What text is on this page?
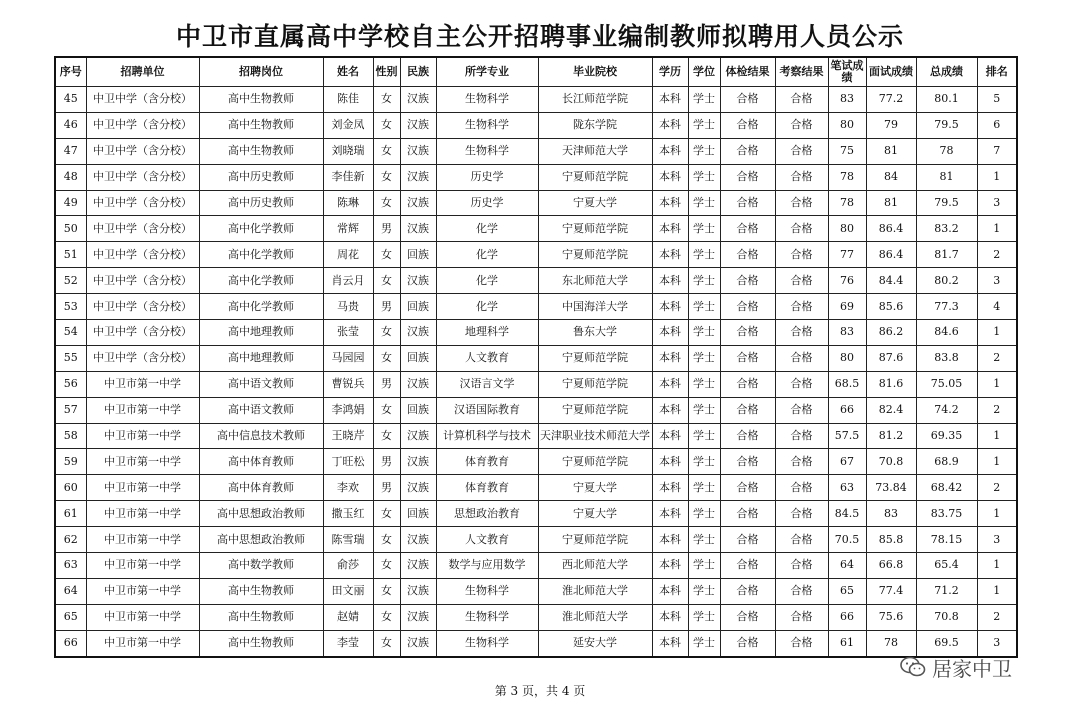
中卫市直属高中学校自主公开招聘事业编制教师拟聘用人员公示
序号	招聘单位	招聘岗位	姓名	性别	民族	所学专业	毕业院校	学历	学位	体检结果	考察结果	笔试成绩	面试成绩	总成绩	排名
45	中卫中学（含分校）	高中生物教师	陈佳	女	汉族	生物科学	长江师范学院	本科	学士	合格	合格	83	77.2	80.1	5
46	中卫中学（含分校）	高中生物教师	刘金凤	女	汉族	生物科学	陇东学院	本科	学士	合格	合格	80	79	79.5	6
47	中卫中学（含分校）	高中生物教师	刘晓瑞	女	汉族	生物科学	天津师范大学	本科	学士	合格	合格	75	81	78	7
48	中卫中学（含分校）	高中历史教师	李佳新	女	汉族	历史学	宁夏师范学院	本科	学士	合格	合格	78	84	81	1
49	中卫中学（含分校）	高中历史教师	陈琳	女	汉族	历史学	宁夏大学	本科	学士	合格	合格	78	81	79.5	3
50	中卫中学（含分校）	高中化学教师	常辉	男	汉族	化学	宁夏师范学院	本科	学士	合格	合格	80	86.4	83.2	1
51	中卫中学（含分校）	高中化学教师	周花	女	回族	化学	宁夏师范学院	本科	学士	合格	合格	77	86.4	81.7	2
52	中卫中学（含分校）	高中化学教师	肖云月	女	汉族	化学	东北师范大学	本科	学士	合格	合格	76	84.4	80.2	3
53	中卫中学（含分校）	高中化学教师	马贵	男	回族	化学	中国海洋大学	本科	学士	合格	合格	69	85.6	77.3	4
54	中卫中学（含分校）	高中地理教师	张莹	女	汉族	地理科学	鲁东大学	本科	学士	合格	合格	83	86.2	84.6	1
55	中卫中学（含分校）	高中地理教师	马园园	女	回族	人文教育	宁夏师范学院	本科	学士	合格	合格	80	87.6	83.8	2
56	中卫市第一中学	高中语文教师	曹锐兵	男	汉族	汉语言文学	宁夏师范学院	本科	学士	合格	合格	68.5	81.6	75.05	1
57	中卫市第一中学	高中语文教师	李鸿娟	女	回族	汉语国际教育	宁夏师范学院	本科	学士	合格	合格	66	82.4	74.2	2
58	中卫市第一中学	高中信息技术教师	王晓芹	女	汉族	计算机科学与技术	天津职业技术师范大学	本科	学士	合格	合格	57.5	81.2	69.35	1
59	中卫市第一中学	高中体育教师	丁旺松	男	汉族	体育教育	宁夏师范学院	本科	学士	合格	合格	67	70.8	68.9	1
60	中卫市第一中学	高中体育教师	李欢	男	汉族	体育教育	宁夏大学	本科	学士	合格	合格	63	73.84	68.42	2
61	中卫市第一中学	高中思想政治教师	撒玉红	女	回族	思想政治教育	宁夏大学	本科	学士	合格	合格	84.5	83	83.75	1
62	中卫市第一中学	高中思想政治教师	陈雪瑞	女	汉族	人文教育	宁夏师范学院	本科	学士	合格	合格	70.5	85.8	78.15	3
63	中卫市第一中学	高中数学教师	俞莎	女	汉族	数学与应用数学	西北师范大学	本科	学士	合格	合格	64	66.8	65.4	1
64	中卫市第一中学	高中生物教师	田文丽	女	汉族	生物科学	淮北师范大学	本科	学士	合格	合格	65	77.4	71.2	1
65	中卫市第一中学	高中生物教师	赵婧	女	汉族	生物科学	淮北师范大学	本科	学士	合格	合格	66	75.6	70.8	2
66	中卫市第一中学	高中生物教师	李莹	女	汉族	生物科学	延安大学	本科	学士	合格	合格	61	78	69.5	3
居家中卫
第 3 页，共 4 页
